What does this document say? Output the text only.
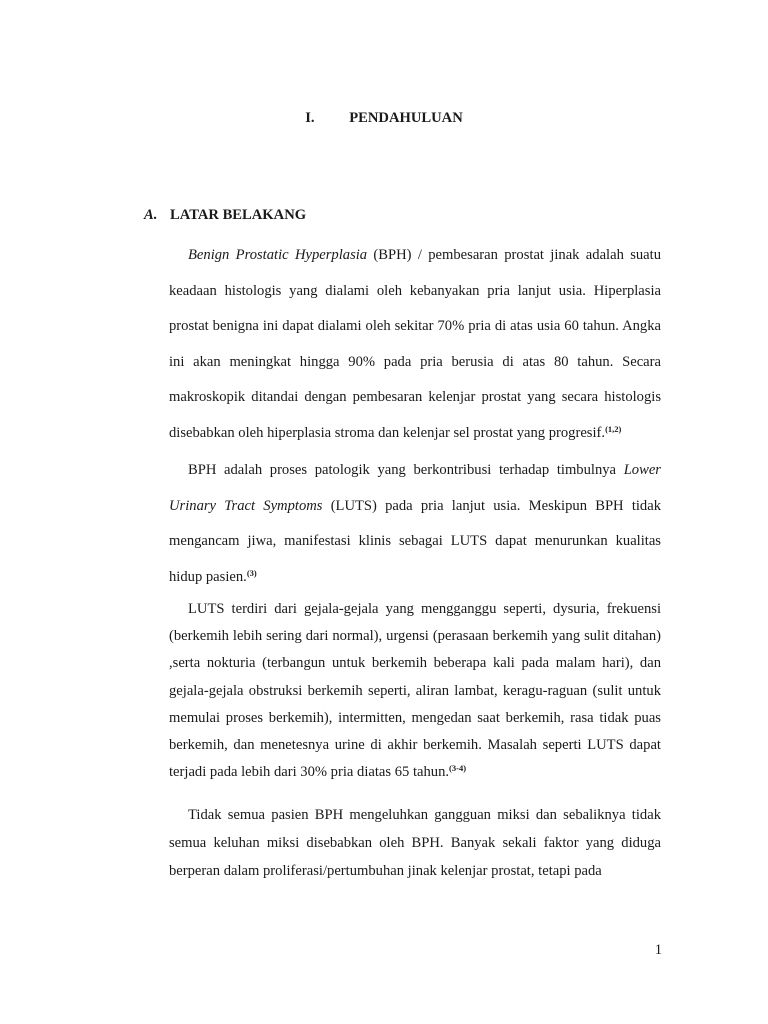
I. PENDAHULUAN
A. LATAR BELAKANG

Benign Prostatic Hyperplasia (BPH) / pembesaran prostat jinak adalah suatu keadaan histologis yang dialami oleh kebanyakan pria lanjut usia. Hiperplasia prostat benigna ini dapat dialami oleh sekitar 70% pria di atas usia 60 tahun. Angka ini akan meningkat hingga 90% pada pria berusia di atas 80 tahun. Secara makroskopik ditandai dengan pembesaran kelenjar prostat yang secara histologis disebabkan oleh hiperplasia stroma dan kelenjar sel prostat yang progresif.$^{(1,2)}$

BPH adalah proses patologik yang berkontribusi terhadap timbulnya Lower Urinary Tract Symptoms (LUTS) pada pria lanjut usia. Meskipun BPH tidak mengancam jiwa, manifestasi klinis sebagai LUTS dapat menurunkan kualitas hidup pasien.$^{(3)}$

LUTS terdiri dari gejala-gejala yang mengganggu seperti, dysuria, frekuensi (berkemih lebih sering dari normal), urgensi (perasaan berkemih yang sulit ditahan) ,serta nokturia (terbangun untuk berkemih beberapa kali pada malam hari), dan gejala-gejala obstruksi berkemih seperti, aliran lambat, keragu-raguan (sulit untuk memulai proses berkemih), intermitten, mengedan saat berkemih, rasa tidak puas berkemih, dan menetesnya urine di akhir berkemih. Masalah seperti LUTS dapat terjadi pada lebih dari 30% pria diatas 65 tahun.$^{(3-4)}$

Tidak semua pasien BPH mengeluhkan gangguan miksi dan sebaliknya tidak semua keluhan miksi disebabkan oleh BPH. Banyak sekali faktor yang diduga berperan dalam proliferasi/pertumbuhan jinak kelenjar prostat, tetapi pada

1
